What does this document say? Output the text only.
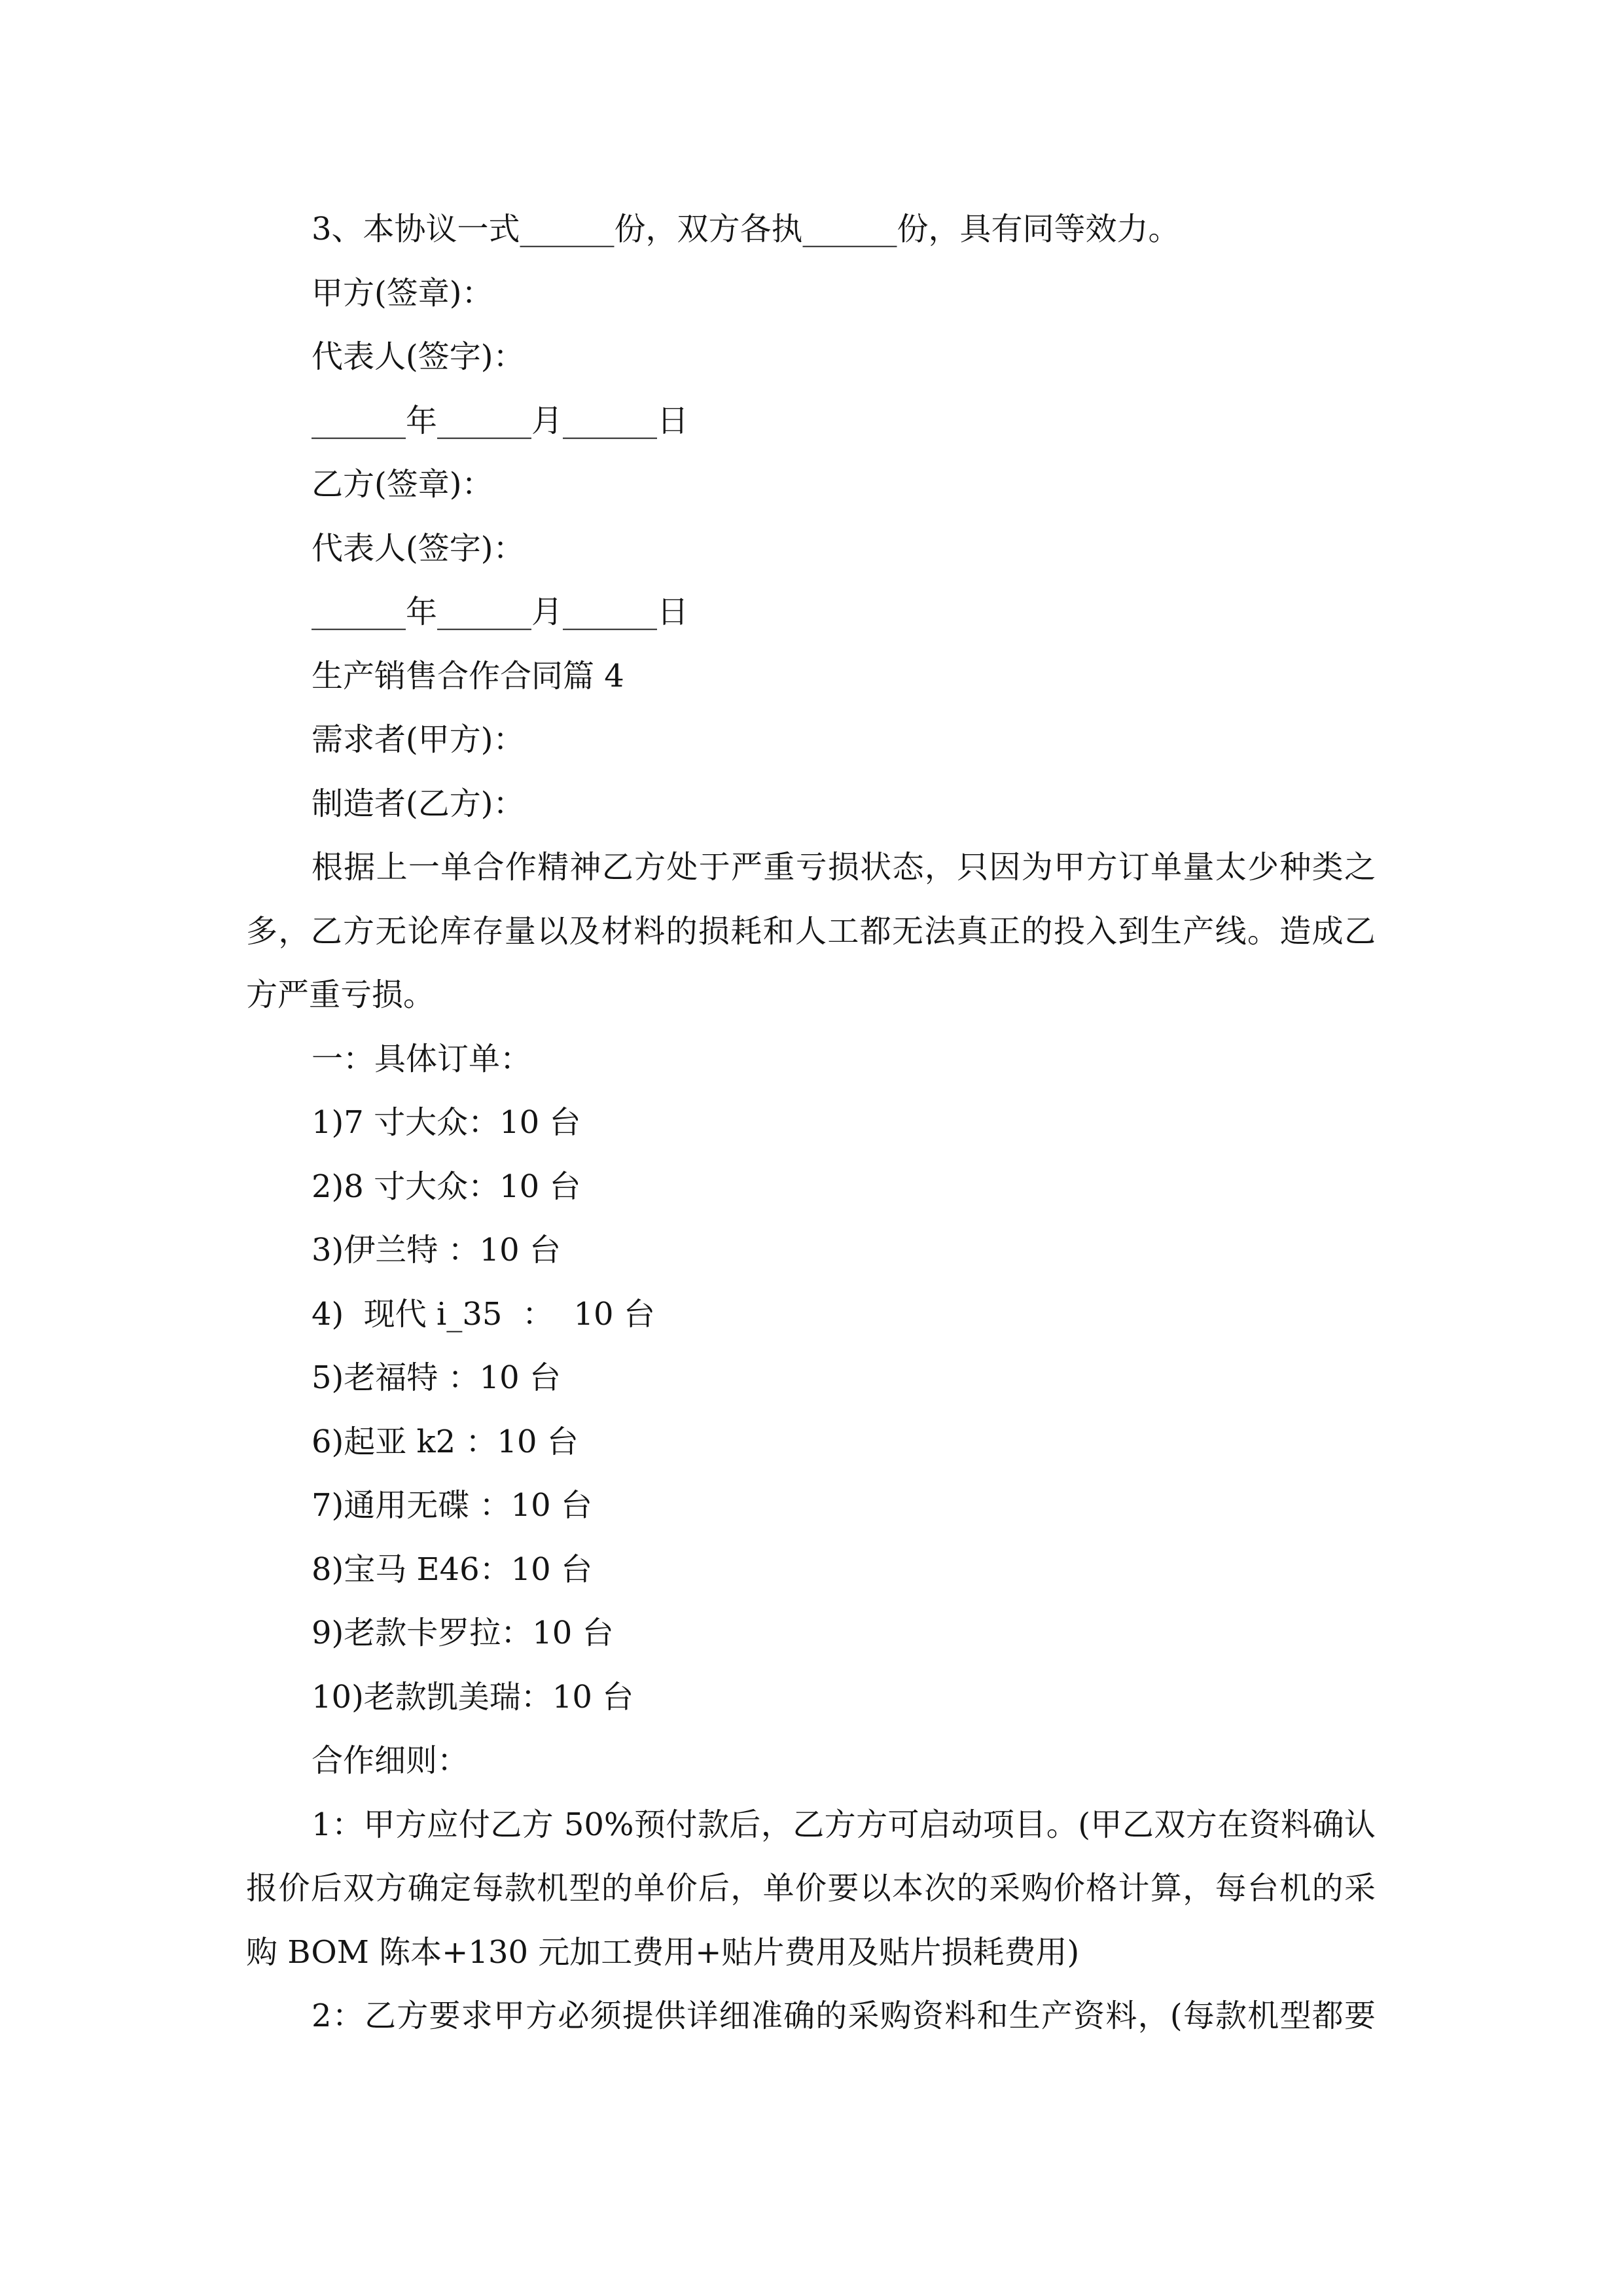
3、本协议一式______份，双方各执______份，具有同等效力。
甲方(签章)：
代表人(签字)：
______年______月______日
乙方(签章)：
代表人(签字)：
______年______月______日
生产销售合作合同篇 4
需求者(甲方)：
制造者(乙方)：
根据上一单合作精神乙方处于严重亏损状态，只因为甲方订单量太少种类之
多，乙方无论库存量以及材料的损耗和人工都无法真正的投入到生产线。造成乙
方严重亏损。
一：具体订单：
1)7 寸大众：10 台
2)8 寸大众：10 台
3)伊兰特 ：10 台
4)  现代 i_35  ：  10 台
5)老福特 ：10 台
6)起亚 k2 ：10 台
7)通用无碟 ：10 台
8)宝马 E46：10 台
9)老款卡罗拉：10 台
10)老款凯美瑞：10 台
合作细则：
1：甲方应付乙方 50%预付款后，乙方方可启动项目。(甲乙双方在资料确认
报价后双方确定每款机型的单价后，单价要以本次的采购价格计算，每台机的采
购 BOM 陈本+130 元加工费用+贴片费用及贴片损耗费用)
2：乙方要求甲方必须提供详细准确的采购资料和生产资料，(每款机型都要
